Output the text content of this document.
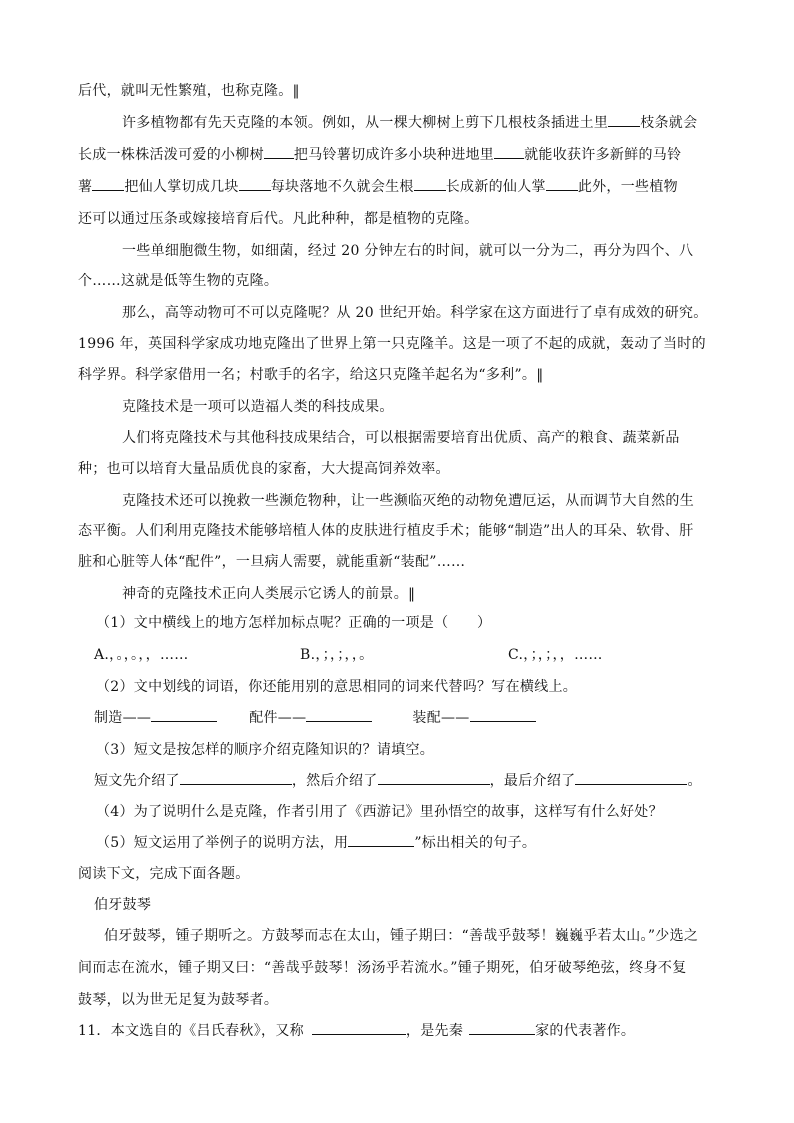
后代，就叫无性繁殖，也称克隆。‖
许多植物都有先天克隆的本领。例如，从一棵大柳树上剪下几根枝条插进土里 枝条就会
长成一株株活泼可爱的小柳树 把马铃薯切成许多小块种进地里 就能收获许多新鲜的马铃
薯 把仙人掌切成几块 每块落地不久就会生根 长成新的仙人掌 此外，一些植物
还可以通过压条或嫁接培育后代。凡此种种，都是植物的克隆。
一些单细胞微生物，如细菌，经过 20 分钟左右的时间，就可以一分为二，再分为四个、八
个……这就是低等生物的克隆。
那么，高等动物可不可以克隆呢？从 20 世纪开始。科学家在这方面进行了卓有成效的研究。
1996 年，英国科学家成功地克隆出了世界上第一只克隆羊。这是一项了不起的成就，轰动了当时的
科学界。科学家借用一名；村歌手的名字，给这只克隆羊起名为“多利”。‖
克隆技术是一项可以造福人类的科技成果。
人们将克隆技术与其他科技成果结合，可以根据需要培育出优质、高产的粮食、蔬菜新品
种；也可以培育大量品质优良的家畜，大大提高饲养效率。
克隆技术还可以挽救一些濒危物种，让一些濒临灭绝的动物免遭厄运，从而调节大自然的生
态平衡。人们利用克隆技术能够培植人体的皮肤进行植皮手术；能够“制造”出人的耳朵、软骨、肝
脏和心脏等人体“配件”，一旦病人需要，就能重新“装配”……
神奇的克隆技术正向人类展示它诱人的前景。‖
（1）文中横线上的地方怎样加标点呢？正确的一项是（　　）
A.，。，。，，……	B.，；，；，，。	C.，；，；，，……
（2）文中划线的词语，你还能用别的意思相同的词来代替吗？写在横线上。
制造——	配件——	装配——
（3）短文是按怎样的顺序介绍克隆知识的？请填空。
短文先介绍了	，然后介绍了	，最后介绍了	。
（4）为了说明什么是克隆，作者引用了《西游记》里孙悟空的故事，这样写有什么好处？
（5）短文运用了举例子的说明方法，用	”标出相关的句子。
阅读下文，完成下面各题。
伯牙鼓琴
伯牙鼓琴，锺子期听之。方鼓琴而志在太山，锺子期曰：“善哉乎鼓琴！巍巍乎若太山。”少选之
间而志在流水，锺子期又曰：“善哉乎鼓琴！汤汤乎若流水。”锺子期死，伯牙破琴绝弦，终身不复
鼓琴，以为世无足复为鼓琴者。
11．本文选自的《吕氏春秋》，又称	，是先秦	家的代表著作。
